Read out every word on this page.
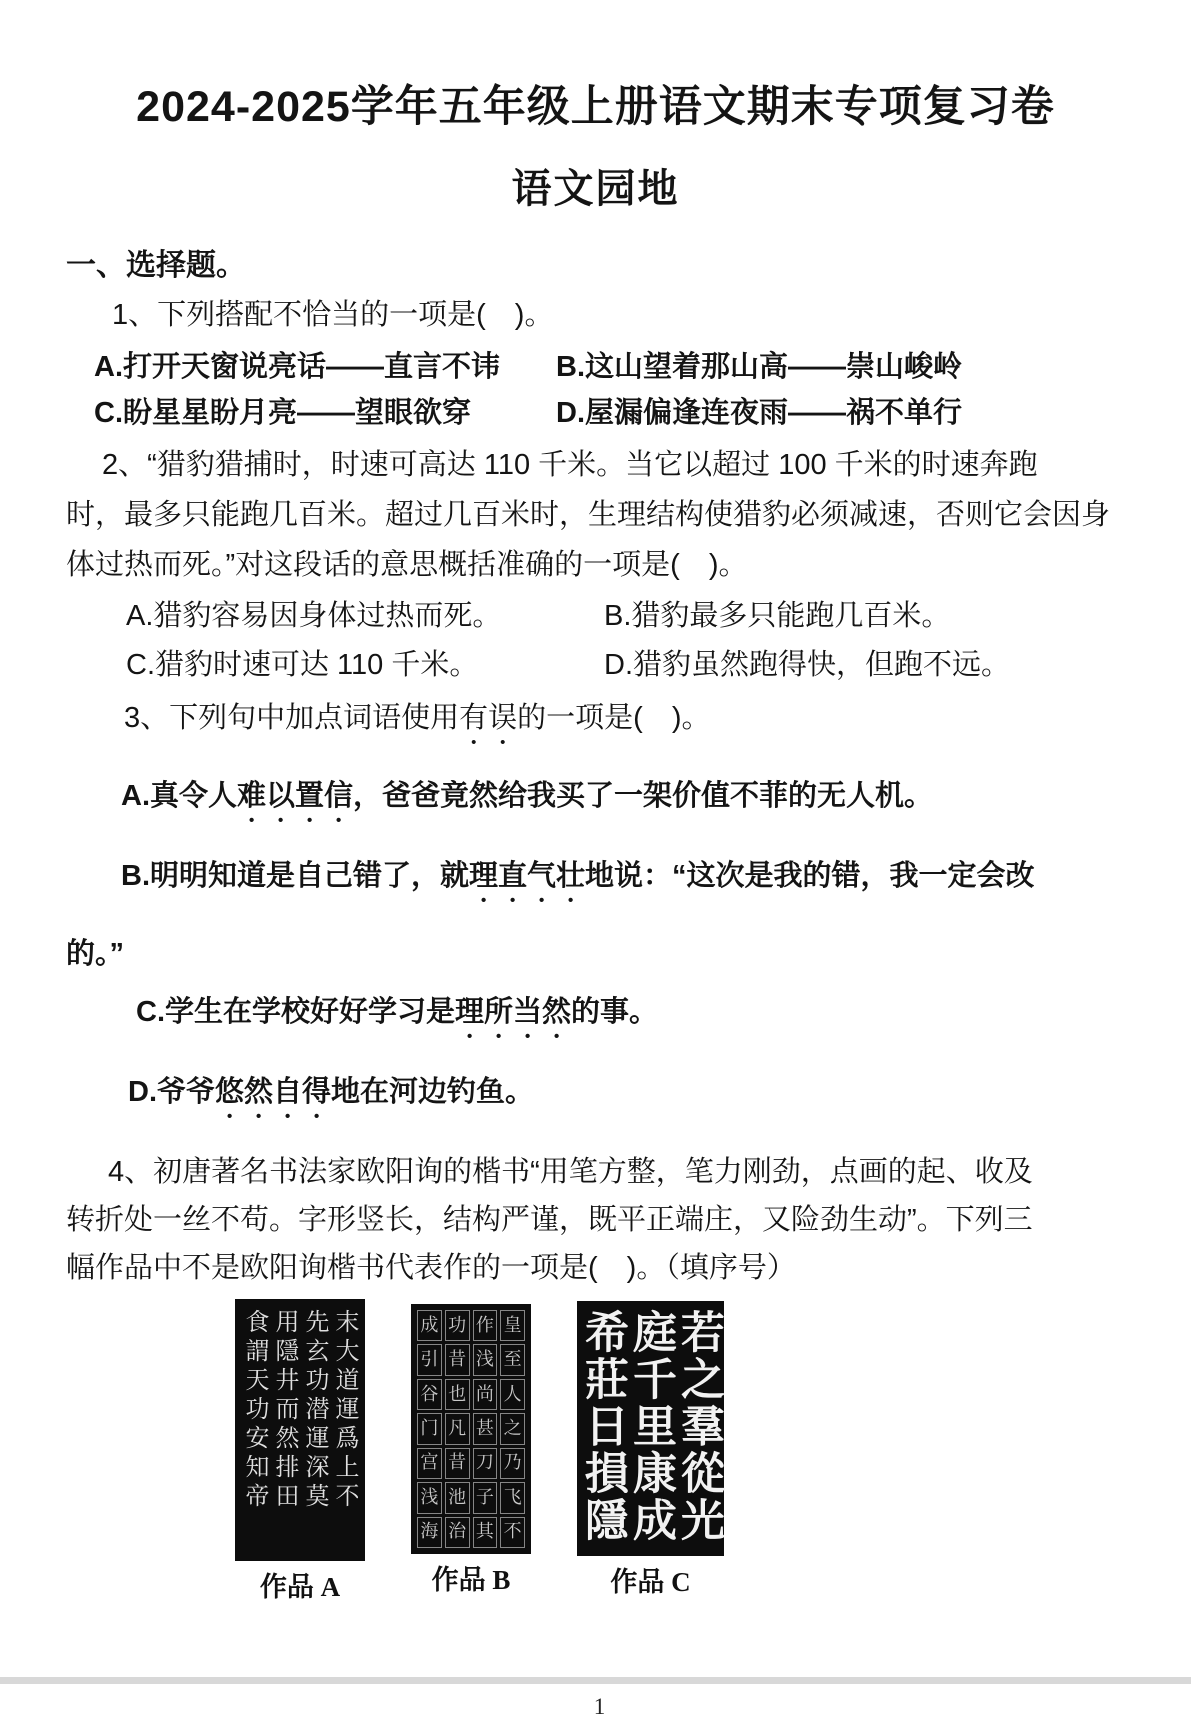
2024-2025学年五年级上册语文期末专项复习卷
语文园地
一、选择题。
1、下列搭配不恰当的一项是(　)。
A.打开天窗说亮话——直言不讳	B.这山望着那山高——崇山峻岭
C.盼星星盼月亮——望眼欲穿	D.屋漏偏逢连夜雨——祸不单行
2、“猎豹猎捕时，时速可高达 110 千米。当它以超过 100 千米的时速奔跑
时，最多只能跑几百米。超过几百米时，生理结构使猎豹必须减速，否则它会因身
体过热而死。”对这段话的意思概括准确的一项是(　)。
A.猎豹容易因身体过热而死。	B.猎豹最多只能跑几百米。
C.猎豹时速可达 110 千米。	D.猎豹虽然跑得快，但跑不远。
3、下列句中加点词语使用有误的一项是(　)。
A.真令人难以置信，爸爸竟然给我买了一架价值不菲的无人机。
B.明明知道是自己错了，就理直气壮地说：“这次是我的错，我一定会改
的。”
C.学生在学校好好学习是理所当然的事。
D.爷爷悠然自得地在河边钓鱼。
4、初唐著名书法家欧阳询的楷书“用笔方整，笔力刚劲，点画的起、收及
转折处一丝不苟。字形竖长，结构严谨，既平正端庄，又险劲生动”。下列三
幅作品中不是欧阳询楷书代表作的一项是(　)。（填序号）
末大道運爲上不
先玄功潜運深莫
用隱井而然排田
食謂天功安知帝
作品 A
成 功 作 皇
引 昔 浅 至
谷 也 尚 人
门 凡 甚 之
宫 昔 刀 乃
浅 池 子 飞
海 治 其 不
作品 B
若之羣從光
庭千里康成
希莊日損隱
作品 C
1
